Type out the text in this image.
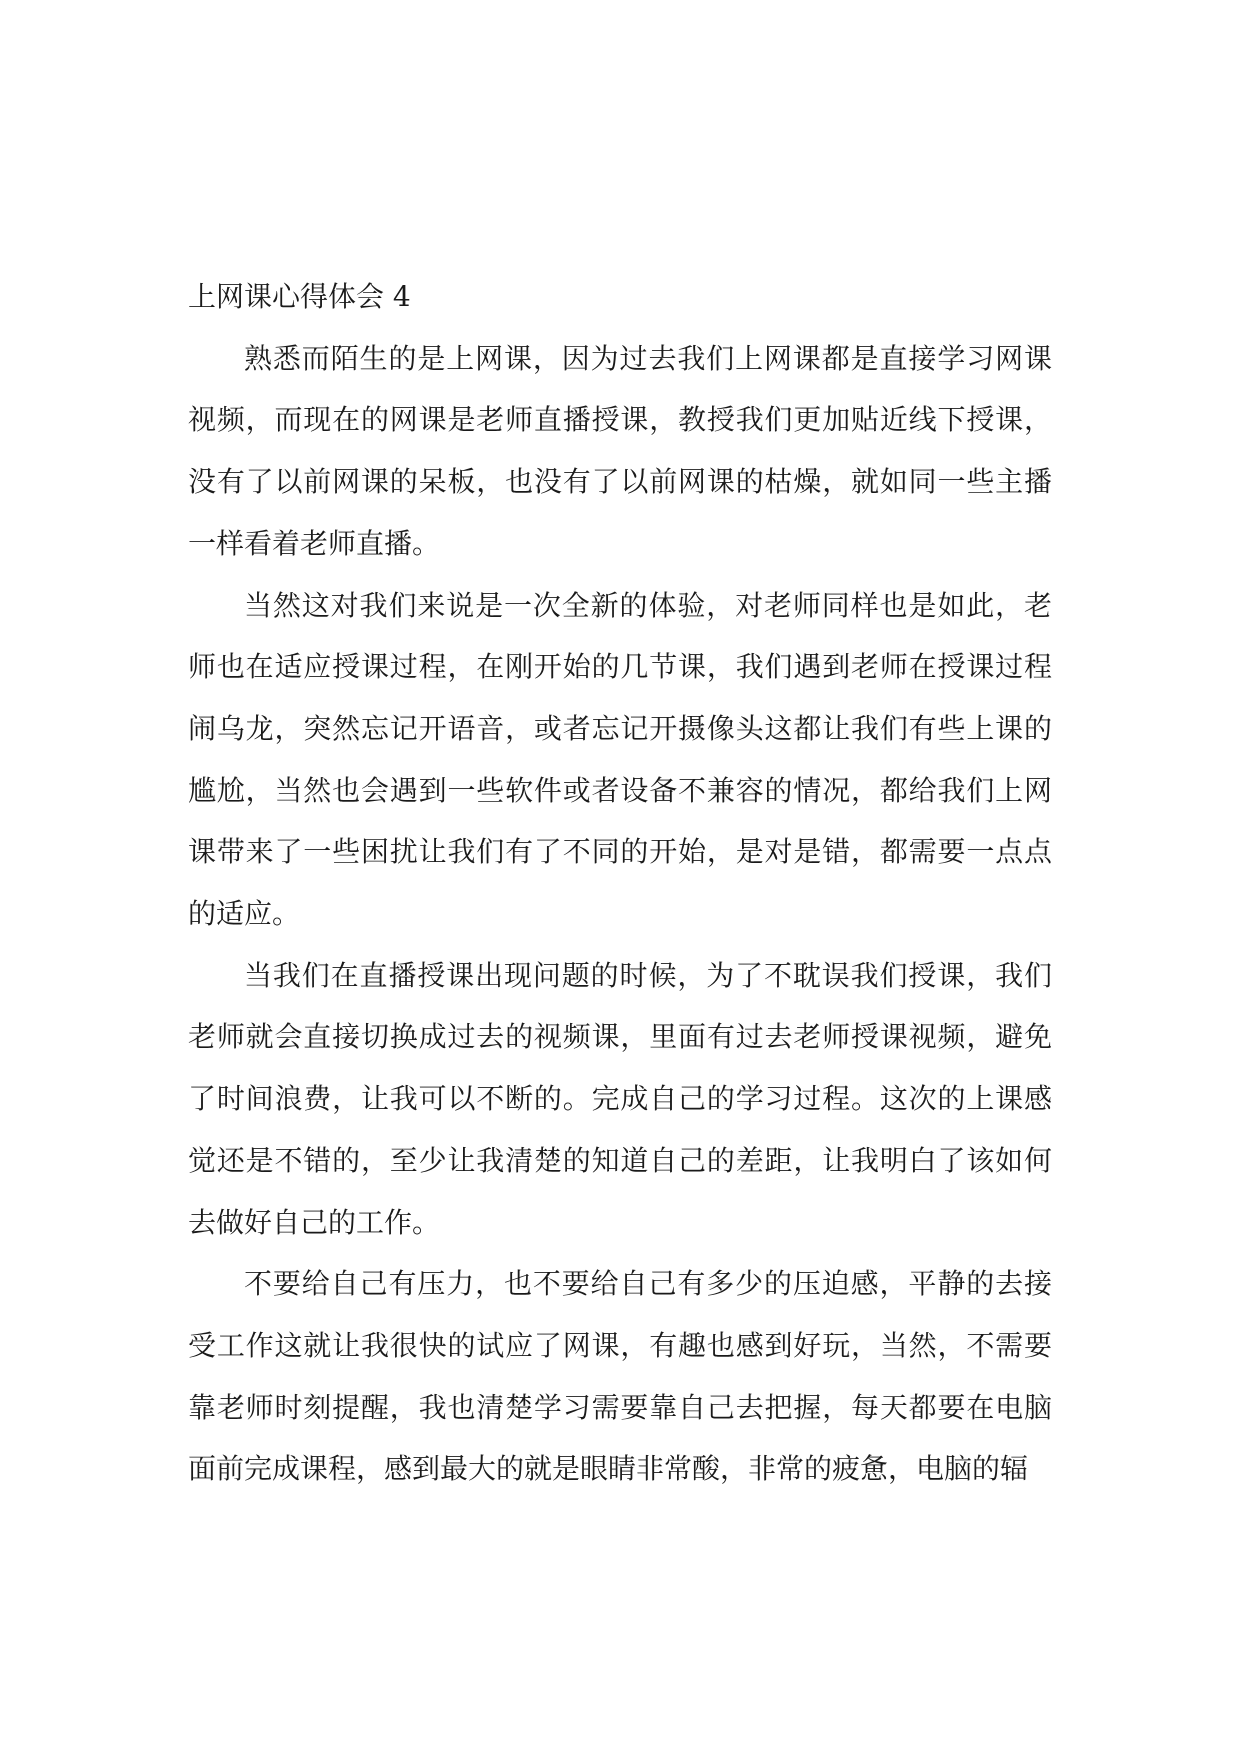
上网课心得体会 4

熟悉而陌生的是上网课，因为过去我们上网课都是直接学习网课视频，而现在的网课是老师直播授课，教授我们更加贴近线下授课，没有了以前网课的呆板，也没有了以前网课的枯燥，就如同一些主播一样看着老师直播。

当然这对我们来说是一次全新的体验，对老师同样也是如此，老师也在适应授课过程，在刚开始的几节课，我们遇到老师在授课过程闹乌龙，突然忘记开语音，或者忘记开摄像头这都让我们有些上课的尴尬，当然也会遇到一些软件或者设备不兼容的情况，都给我们上网课带来了一些困扰让我们有了不同的开始，是对是错，都需要一点点的适应。

当我们在直播授课出现问题的时候，为了不耽误我们授课，我们老师就会直接切换成过去的视频课，里面有过去老师授课视频，避免了时间浪费，让我可以不断的。完成自己的学习过程。这次的上课感觉还是不错的，至少让我清楚的知道自己的差距，让我明白了该如何去做好自己的工作。

不要给自己有压力，也不要给自己有多少的压迫感，平静的去接受工作这就让我很快的试应了网课，有趣也感到好玩，当然，不需要靠老师时刻提醒，我也清楚学习需要靠自己去把握，每天都要在电脑面前完成课程，感到最大的就是眼睛非常酸，非常的疲惫，电脑的辐
